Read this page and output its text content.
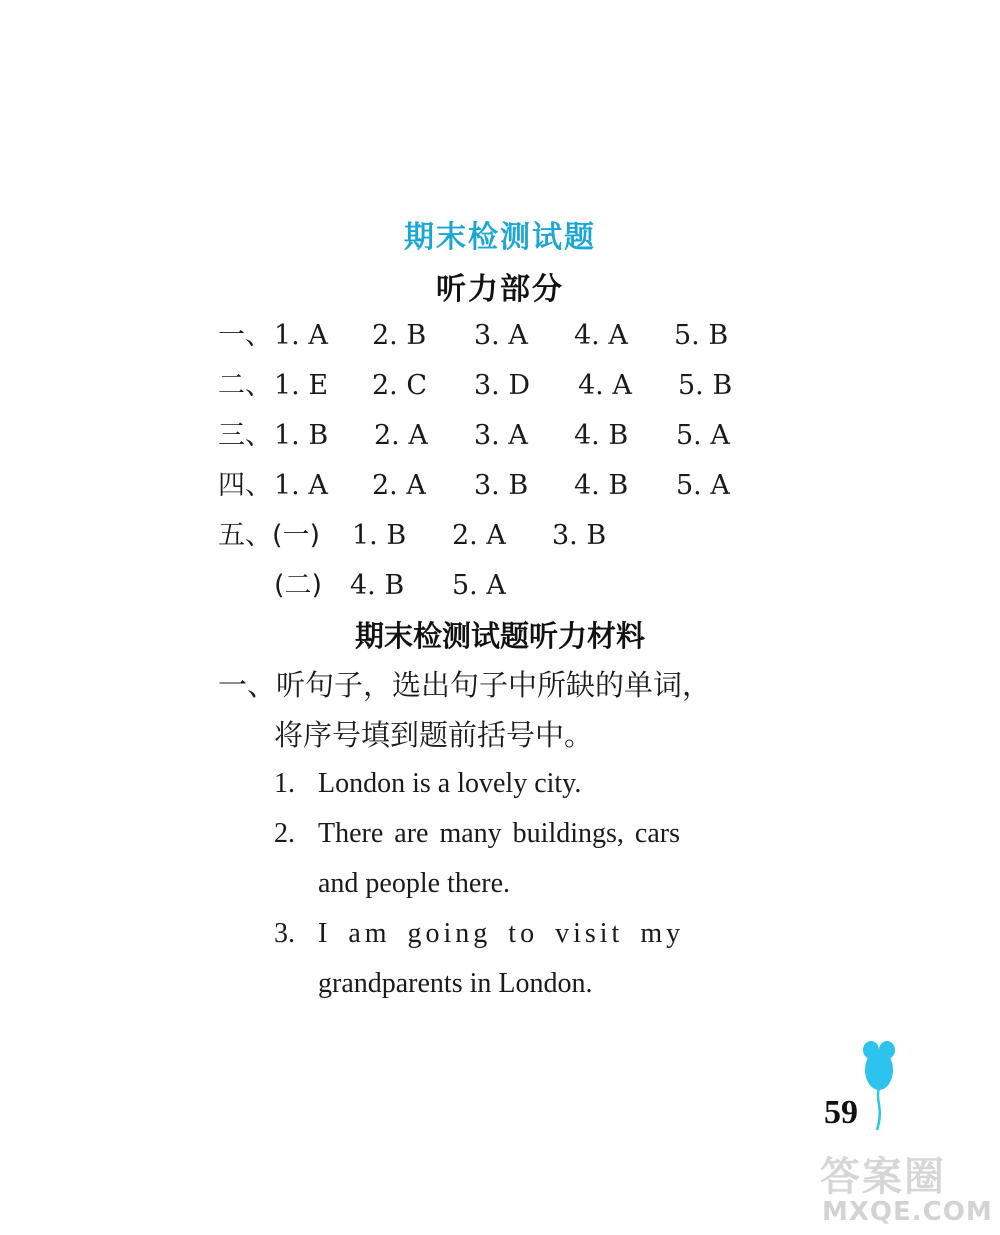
期末检测试题
听力部分
一、 1. A 2. B 3. A 4. A 5. B
二、 1. E 2. C 3. D 4. A 5. B
三、 1. B 2. A 3. A 4. B 5. A
四、 1. A 2. A 3. B 4. B 5. A
五、(一) 1. B 2. A 3. B
(二) 4. B 5. A
期末检测试题听力材料
一、听句子，选出句子中所缺的单词，
将序号填到题前括号中。
1. London is a lovely city.
2. There are many buildings, cars
and people there.
3. I am going to visit my
grandparents in London.
59
答案圈
MXQE.COM
